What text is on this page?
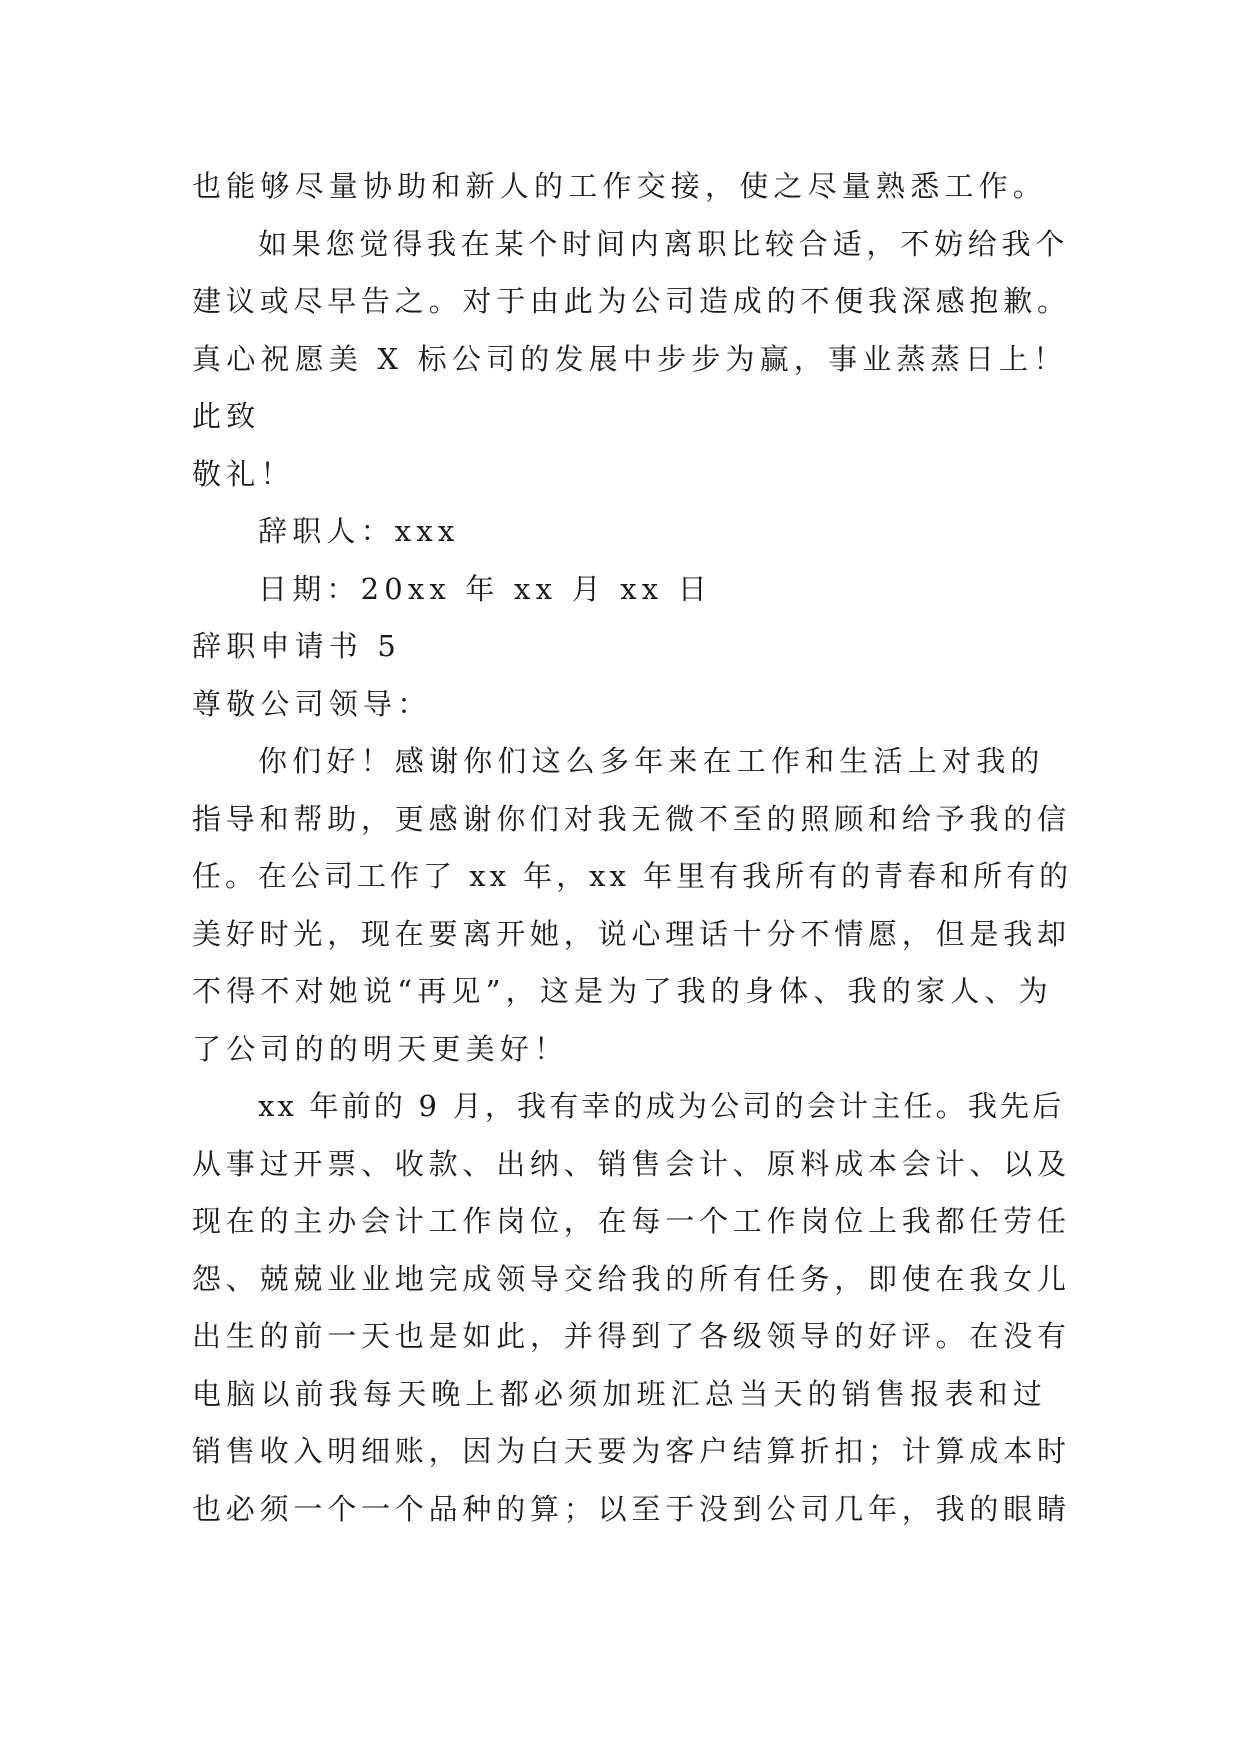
也能够尽量协助和新人的工作交接，使之尽量熟悉工作。
如果您觉得我在某个时间内离职比较合适，不妨给我个
建议或尽早告之。对于由此为公司造成的不便我深感抱歉。
真心祝愿美 X 标公司的发展中步步为赢，事业蒸蒸日上！
此致
敬礼！
辞职人：xxx
日期：20xx 年 xx 月 xx 日
辞职申请书 5
尊敬公司领导：
你们好！感谢你们这么多年来在工作和生活上对我的
指导和帮助，更感谢你们对我无微不至的照顾和给予我的信
任。在公司工作了 xx 年，xx 年里有我所有的青春和所有的
美好时光，现在要离开她，说心理话十分不情愿，但是我却
不得不对她说“再见”，这是为了我的身体、我的家人、为
了公司的的明天更美好！
xx 年前的 9 月，我有幸的成为公司的会计主任。我先后
从事过开票、收款、出纳、销售会计、原料成本会计、以及
现在的主办会计工作岗位，在每一个工作岗位上我都任劳任
怨、兢兢业业地完成领导交给我的所有任务，即使在我女儿
出生的前一天也是如此，并得到了各级领导的好评。在没有
电脑以前我每天晚上都必须加班汇总当天的销售报表和过
销售收入明细账，因为白天要为客户结算折扣；计算成本时
也必须一个一个品种的算；以至于没到公司几年，我的眼睛
